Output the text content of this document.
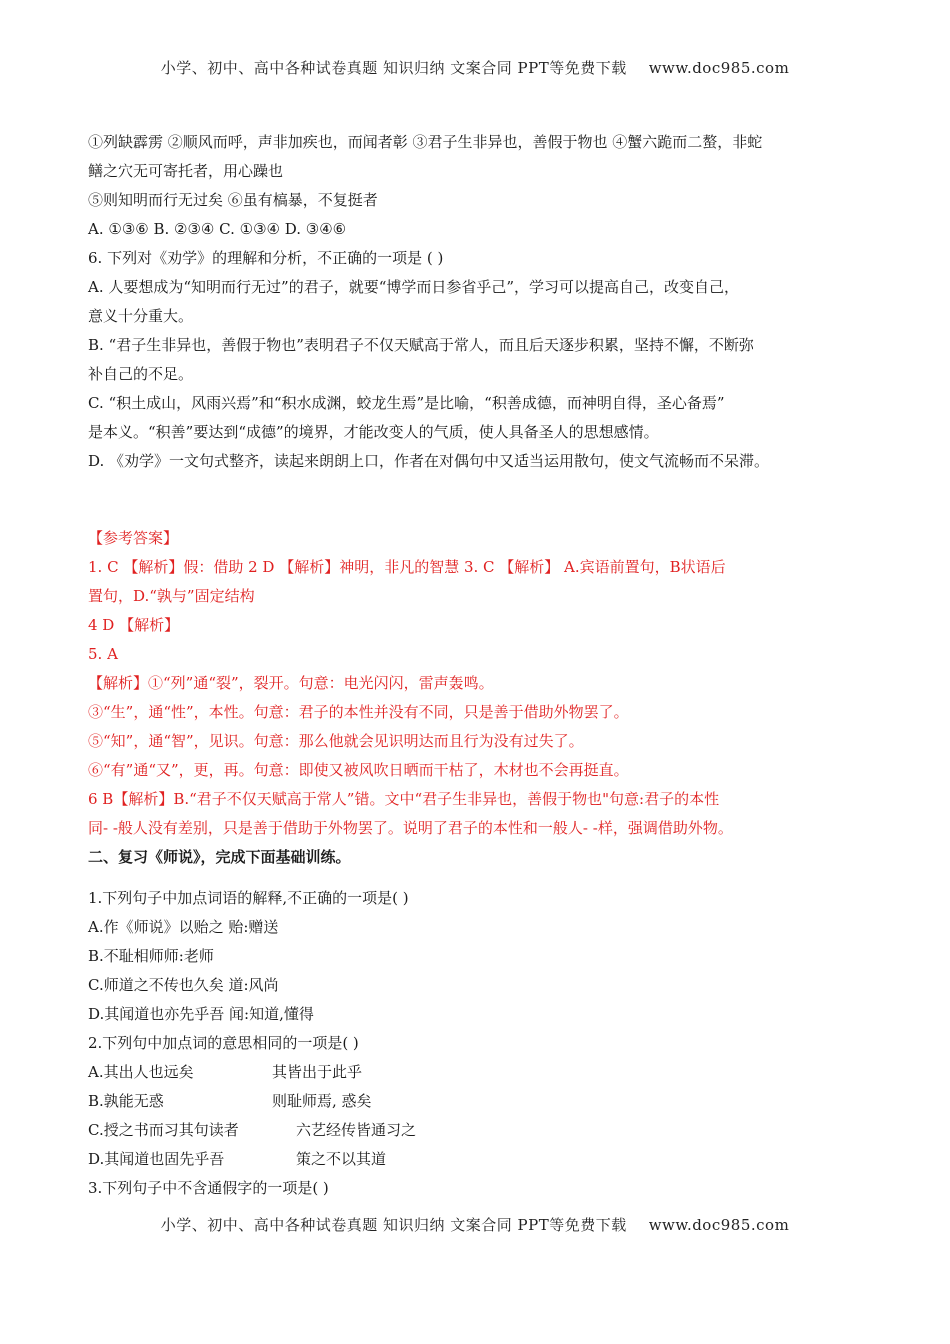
小学、初中、高中各种试卷真题 知识归纳 文案合同 PPT等免费下载 www.doc985.com
①列缺霹雳 ②顺风而呼，声非加疾也，而闻者彰 ③君子生非异也，善假于物也 ④蟹六跪而二螯，非蛇
鳝之穴无可寄托者，用心躁也
⑤则知明而行无过矣 ⑥虽有槁暴，不复挺者
A. ①③⑥ B. ②③④ C. ①③④ D. ③④⑥
6. 下列对《劝学》的理解和分析，不正确的一项是 ( )
A. 人要想成为“知明而行无过”的君子，就要“博学而日参省乎己”，学习可以提高自己，改变自己，
意义十分重大。
B. “君子生非异也，善假于物也”表明君子不仅天赋高于常人，而且后天逐步积累，坚持不懈，不断弥
补自己的不足。
C. “积土成山，风雨兴焉”和“积水成渊，蛟龙生焉”是比喻，“积善成德，而神明自得，圣心备焉”
是本义。“积善”要达到“成德”的境界，才能改变人的气质，使人具备圣人的思想感情。
D. 《劝学》一文句式整齐，读起来朗朗上口，作者在对偶句中又适当运用散句，使文气流畅而不呆滞。
【参考答案】
1. C 【解析】假：借助 2 D 【解析】神明，非凡的智慧 3. C 【解析】 A.宾语前置句，B状语后
置句，D.“孰与”固定结构
4 D 【解析】
5. A
【解析】①“列”通“裂”，裂开。句意：电光闪闪，雷声轰鸣。
③“生”，通“性”，本性。句意：君子的本性并没有不同，只是善于借助外物罢了。
⑤“知”，通“智”，见识。句意：那么他就会见识明达而且行为没有过失了。
⑥“有”通“又”，更，再。句意：即使又被风吹日晒而干枯了，木材也不会再挺直。
6 B【解析】B.“君子不仅天赋高于常人”错。文中“君子生非异也，善假于物也"句意:君子的本性
同- -般人没有差别，只是善于借助于外物罢了。说明了君子的本性和一般人- -样，强调借助外物。
二、复习《师说》，完成下面基础训练。
1.下列句子中加点词语的解释,不正确的一项是( )
A.作《师说》以贻之 贻:赠送
B.不耻相师师:老师
C.师道之不传也久矣 道:风尚
D.其闻道也亦先乎吾 闻:知道,懂得
2.下列句中加点词的意思相同的一项是( )
A.其出人也远矣	其皆出于此乎
B.孰能无惑	则耻师焉, 惑矣
C.授之书而习其句读者	六艺经传皆通习之
D.其闻道也固先乎吾	策之不以其道
3.下列句子中不含通假字的一项是( )
小学、初中、高中各种试卷真题 知识归纳 文案合同 PPT等免费下载 www.doc985.com
